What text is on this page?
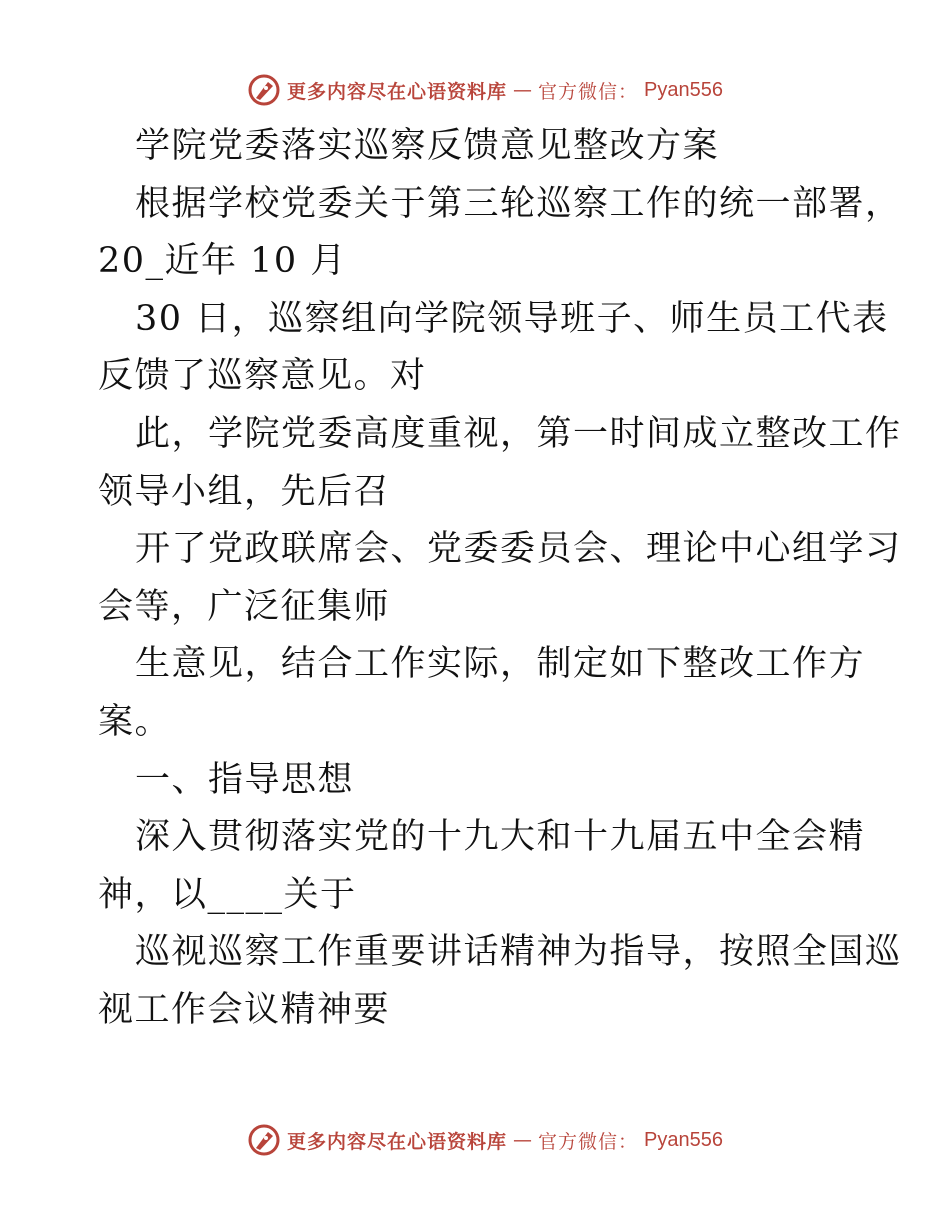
更多内容尽在心语资料库 — 官方微信： Pyan556

学院党委落实巡察反馈意见整改方案

根据学校党委关于第三轮巡察工作的统一部署，

20_近年 10 月

30 日，巡察组向学院领导班子、师生员工代表

反馈了巡察意见。对

此，学院党委高度重视，第一时间成立整改工作

领导小组，先后召

开了党政联席会、党委委员会、理论中心组学习

会等，广泛征集师

生意见，结合工作实际，制定如下整改工作方

案。

一、指导思想

深入贯彻落实党的十九大和十九届五中全会精

神，以____关于

巡视巡察工作重要讲话精神为指导，按照全国巡

视工作会议精神要

更多内容尽在心语资料库 — 官方微信： Pyan556
